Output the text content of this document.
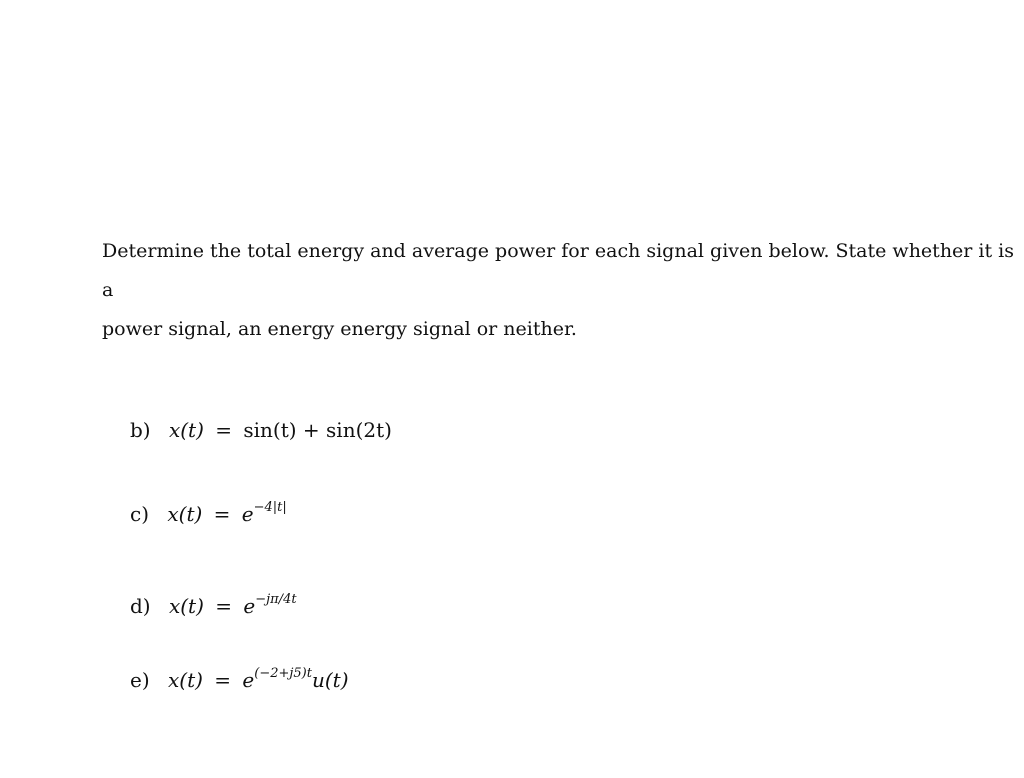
Determine the total energy and average power for each signal given below. State whether it is a
power signal, an energy energy signal or neither.

b) x(t) = sin(t) + sin(2t)
c) $x(t) = e^{-4|t|}$
d) $x(t) = e^{-j\pi/4t}$
e) $x(t) = e^{(-2+j5)t}u(t)$
